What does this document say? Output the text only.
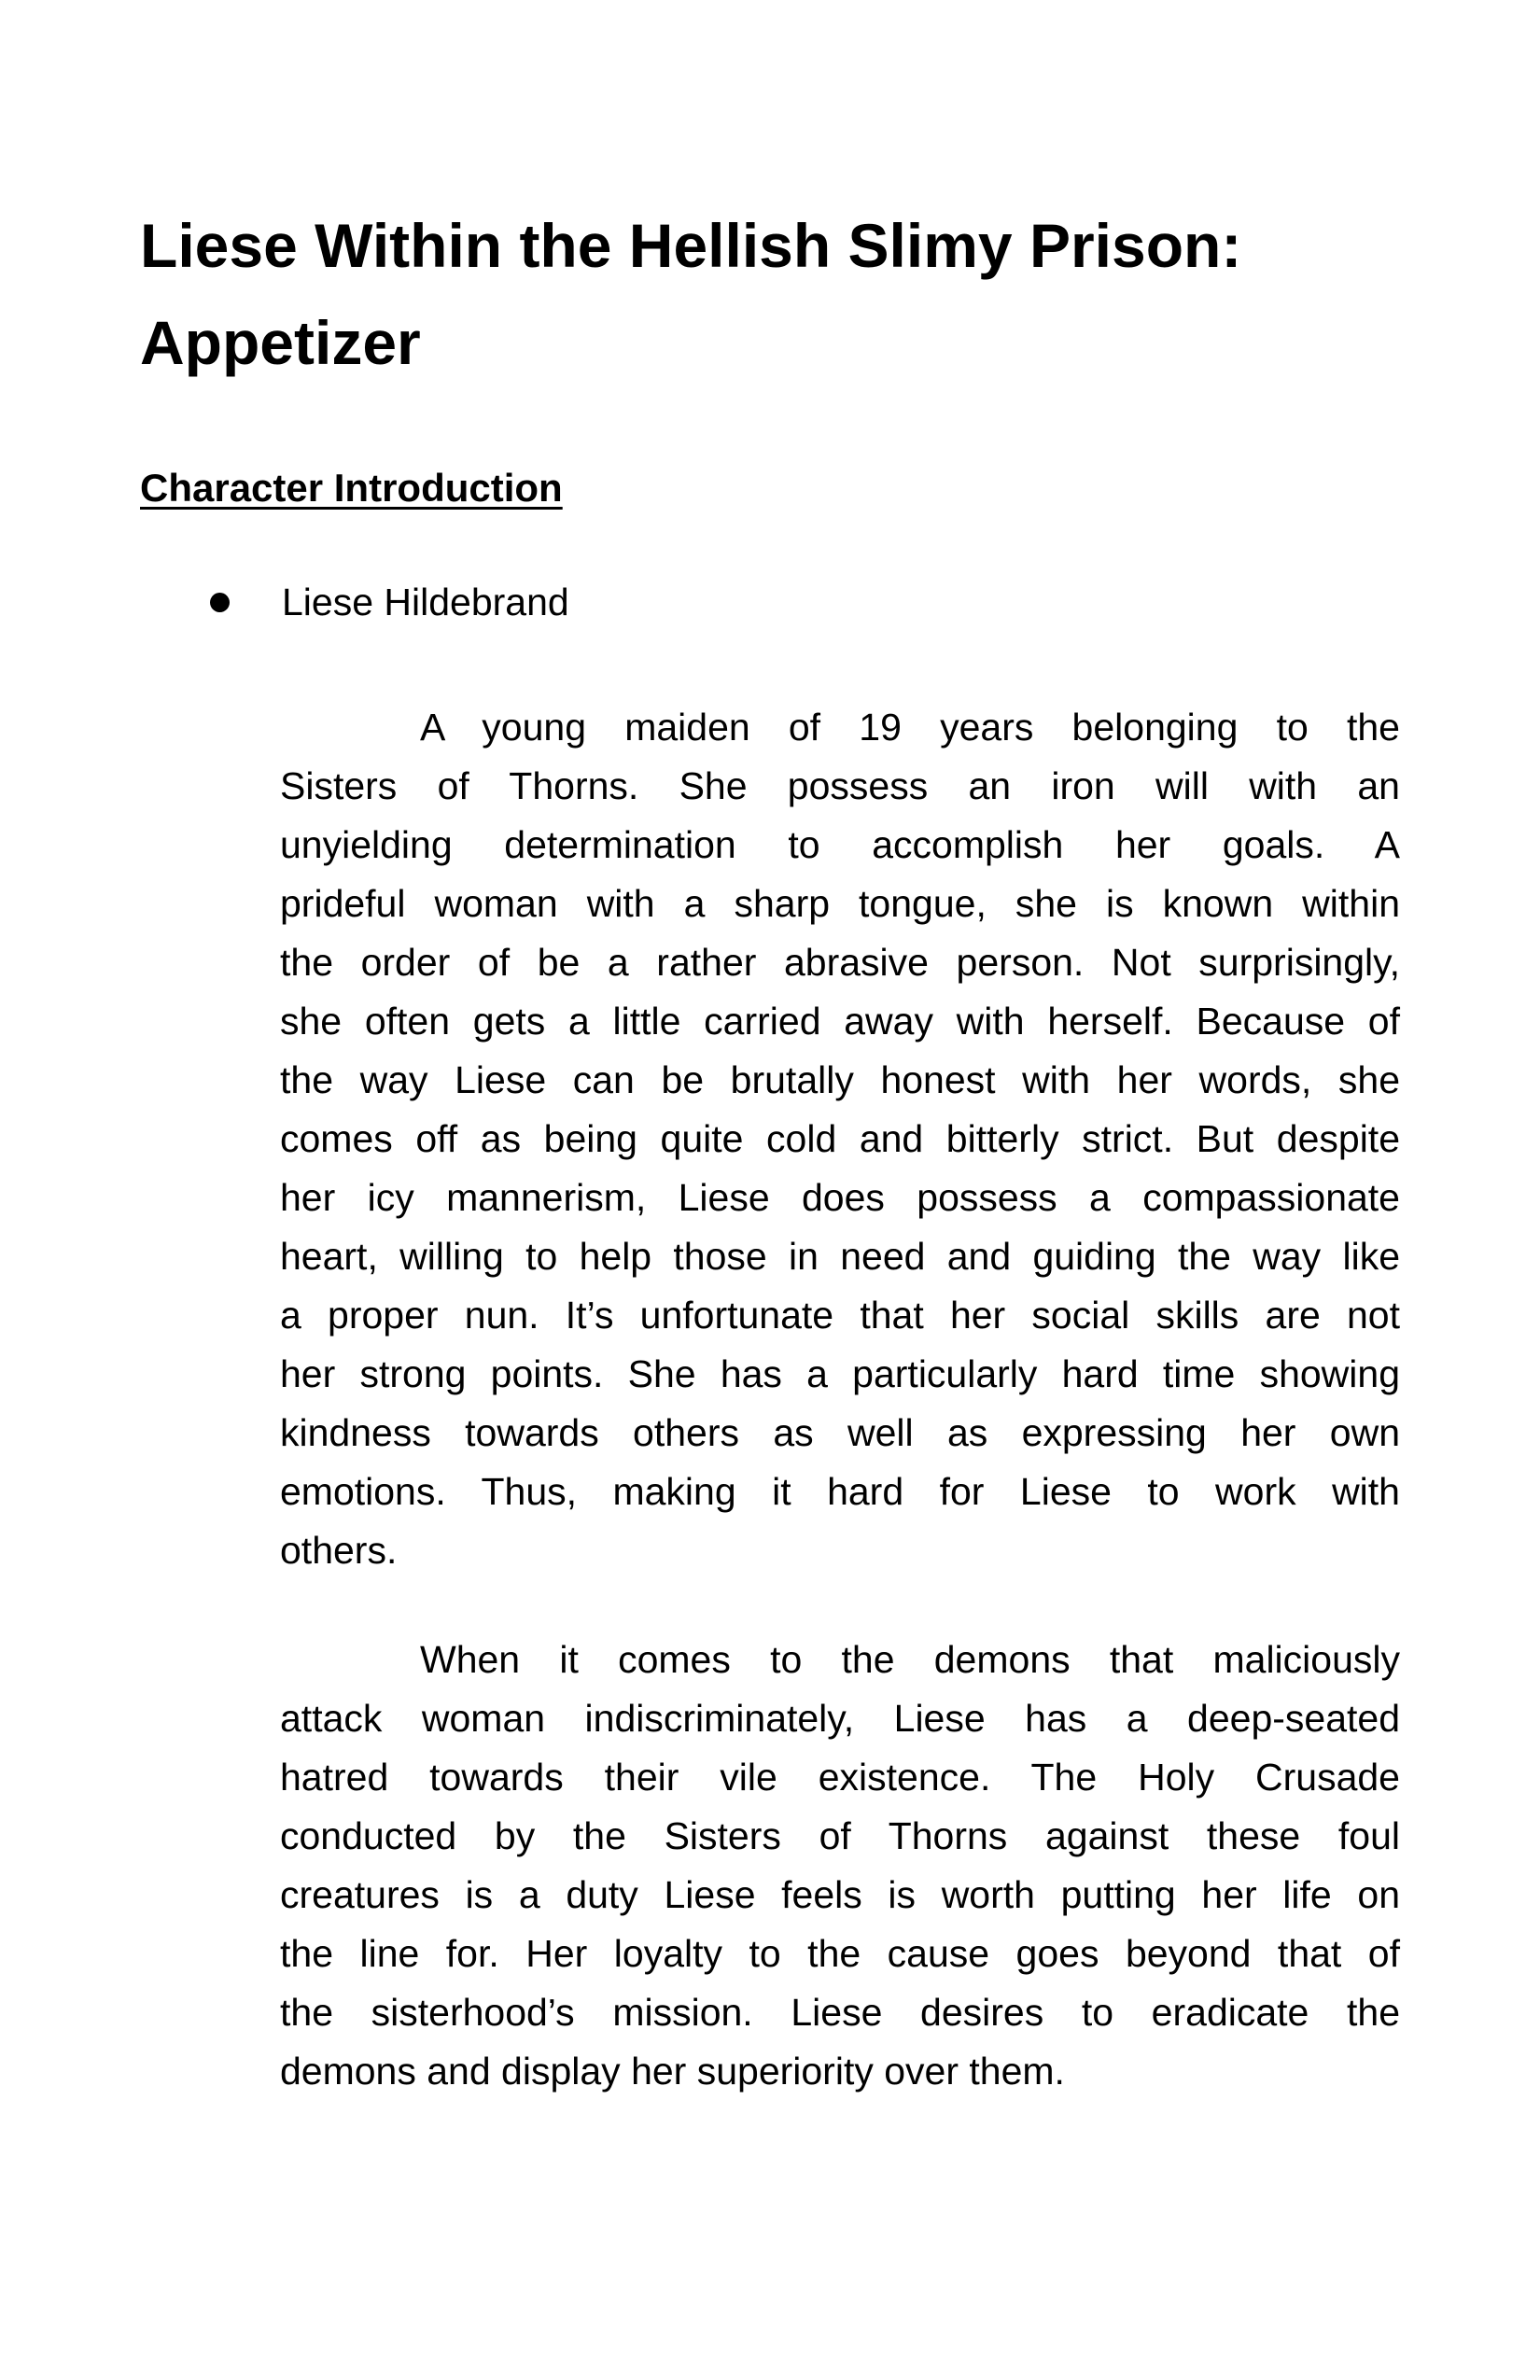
Liese Within the Hellish Slimy Prison:
Appetizer
Character Introduction
Liese Hildebrand
A young maiden of 19 years belonging to the
Sisters of Thorns. She possess an iron will with an
unyielding determination to accomplish her goals. A
prideful woman with a sharp tongue, she is known within
the order of be a rather abrasive person. Not surprisingly,
she often gets a little carried away with herself. Because of
the way Liese can be brutally honest with her words, she
comes off as being quite cold and bitterly strict. But despite
her icy mannerism, Liese does possess a compassionate
heart, willing to help those in need and guiding the way like
a proper nun. It’s unfortunate that her social skills are not
her strong points. She has a particularly hard time showing
kindness towards others as well as expressing her own
emotions. Thus, making it hard for Liese to work with
others.
When it comes to the demons that maliciously
attack woman indiscriminately, Liese has a deep-seated
hatred towards their vile existence. The Holy Crusade
conducted by the Sisters of Thorns against these foul
creatures is a duty Liese feels is worth putting her life on
the line for. Her loyalty to the cause goes beyond that of
the sisterhood’s mission. Liese desires to eradicate the
demons and display her superiority over them.
